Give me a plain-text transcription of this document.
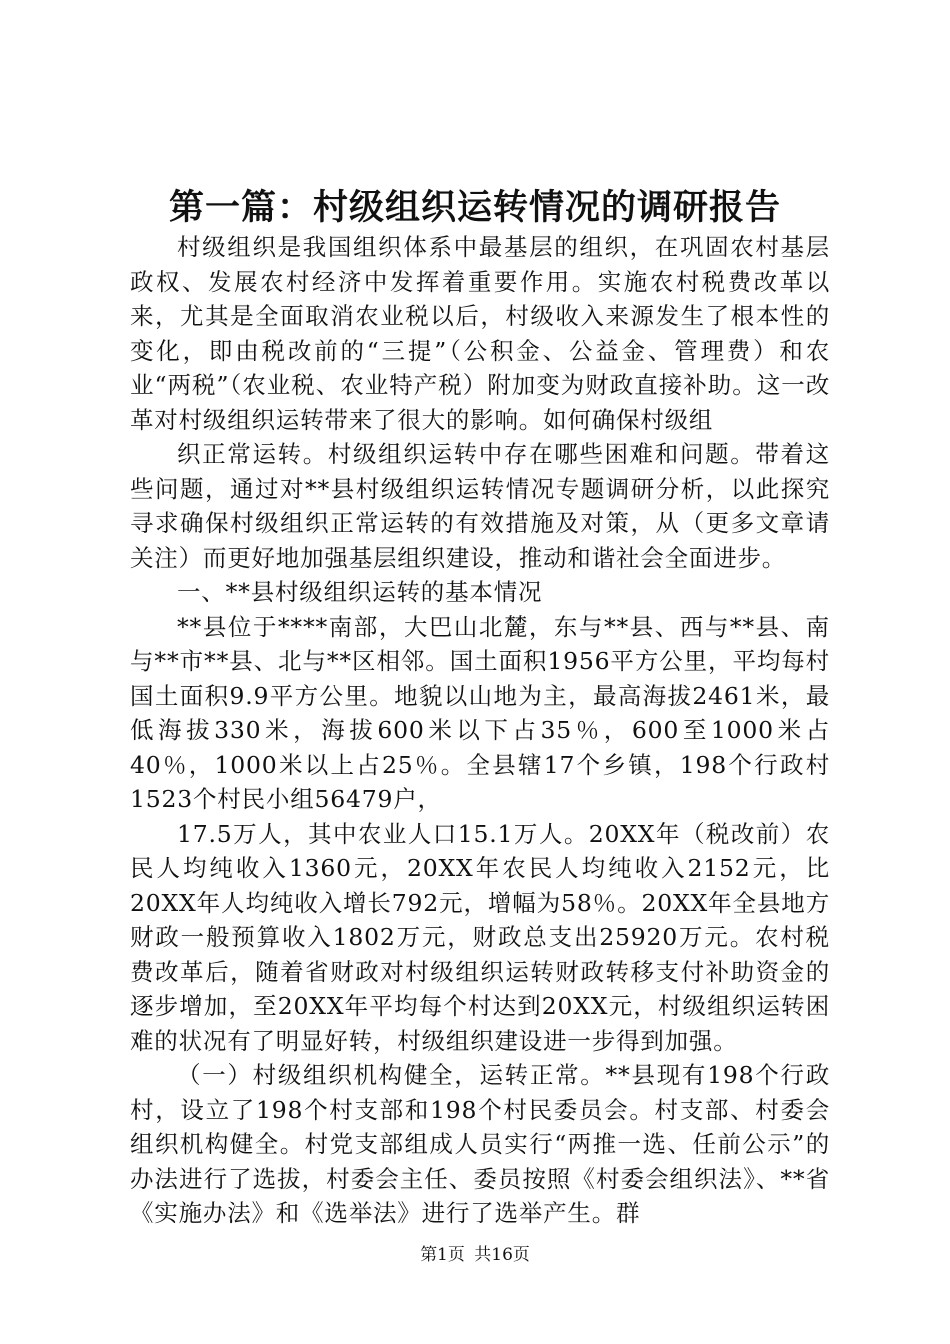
第一篇：村级组织运转情况的调研报告

村级组织是我国组织体系中最基层的组织，在巩固农村基层政权、发展农村经济中发挥着重要作用。实施农村税费改革以来，尤其是全面取消农业税以后，村级收入来源发生了根本性的变化，即由税改前的“三提”（公积金、公益金、管理费）和农业“两税”（农业税、农业特产税）附加变为财政直接补助。这一改革对村级组织运转带来了很大的影响。如何确保村级组

织正常运转。村级组织运转中存在哪些困难和问题。带着这些问题，通过对**县村级组织运转情况专题调研分析，以此探究寻求确保村级组织正常运转的有效措施及对策，从（更多文章请关注）而更好地加强基层组织建设，推动和谐社会全面进步。

一、**县村级组织运转的基本情况

**县位于****南部，大巴山北麓，东与**县、西与**县、南与**市**县、北与**区相邻。国土面积1956平方公里，平均每村国土面积9.9平方公里。地貌以山地为主，最高海拔2461米，最低海拔330米，海拔600米以下占35％，600至1000米占40％，1000米以上占25％。全县辖17个乡镇，198个行政村1523个村民小组56479户，

17.5万人，其中农业人口15.1万人。20XX年（税改前）农民人均纯收入1360元，20XX年农民人均纯收入2152元，比20XX年人均纯收入增长792元，增幅为58％。20XX年全县地方财政一般预算收入1802万元，财政总支出25920万元。农村税费改革后，随着省财政对村级组织运转财政转移支付补助资金的逐步增加，至20XX年平均每个村达到20XX元，村级组织运转困难的状况有了明显好转，村级组织建设进一步得到加强。

（一）村级组织机构健全，运转正常。**县现有198个行政村，设立了198个村支部和198个村民委员会。村支部、村委会组织机构健全。村党支部组成人员实行“两推一选、任前公示”的办法进行了选拔，村委会主任、委员按照《村委会组织法》、**省《实施办法》和《选举法》进行了选举产生。群

第1页 共16页
